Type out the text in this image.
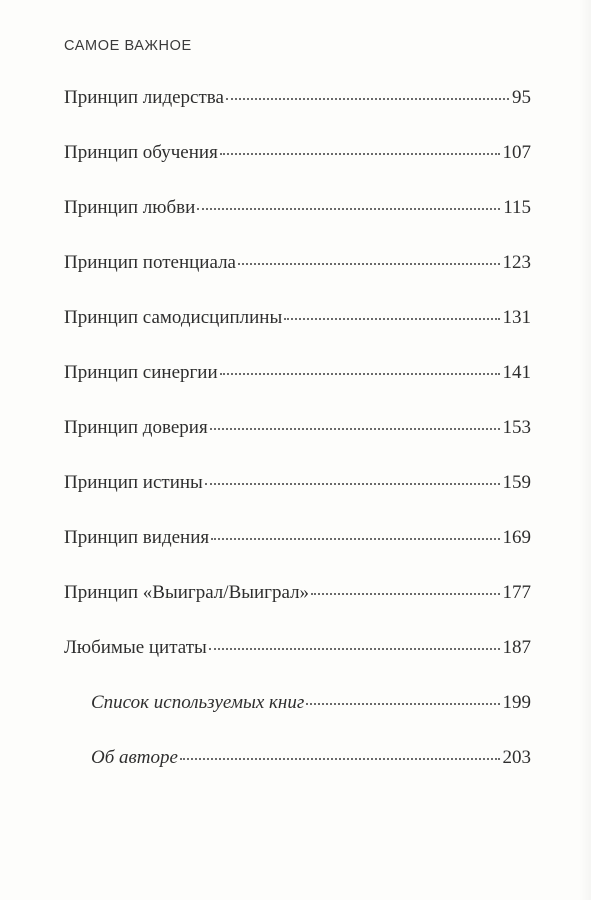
САМОЕ ВАЖНОЕ
Принцип лидерства	95
Принцип обучения	107
Принцип любви	115
Принцип потенциала	123
Принцип самодисциплины	131
Принцип синергии	141
Принцип доверия	153
Принцип истины	159
Принцип видения	169
Принцип «Выиграл/Выиграл»	177
Любимые цитаты	187
Список используемых книг	199
Об авторе	203
